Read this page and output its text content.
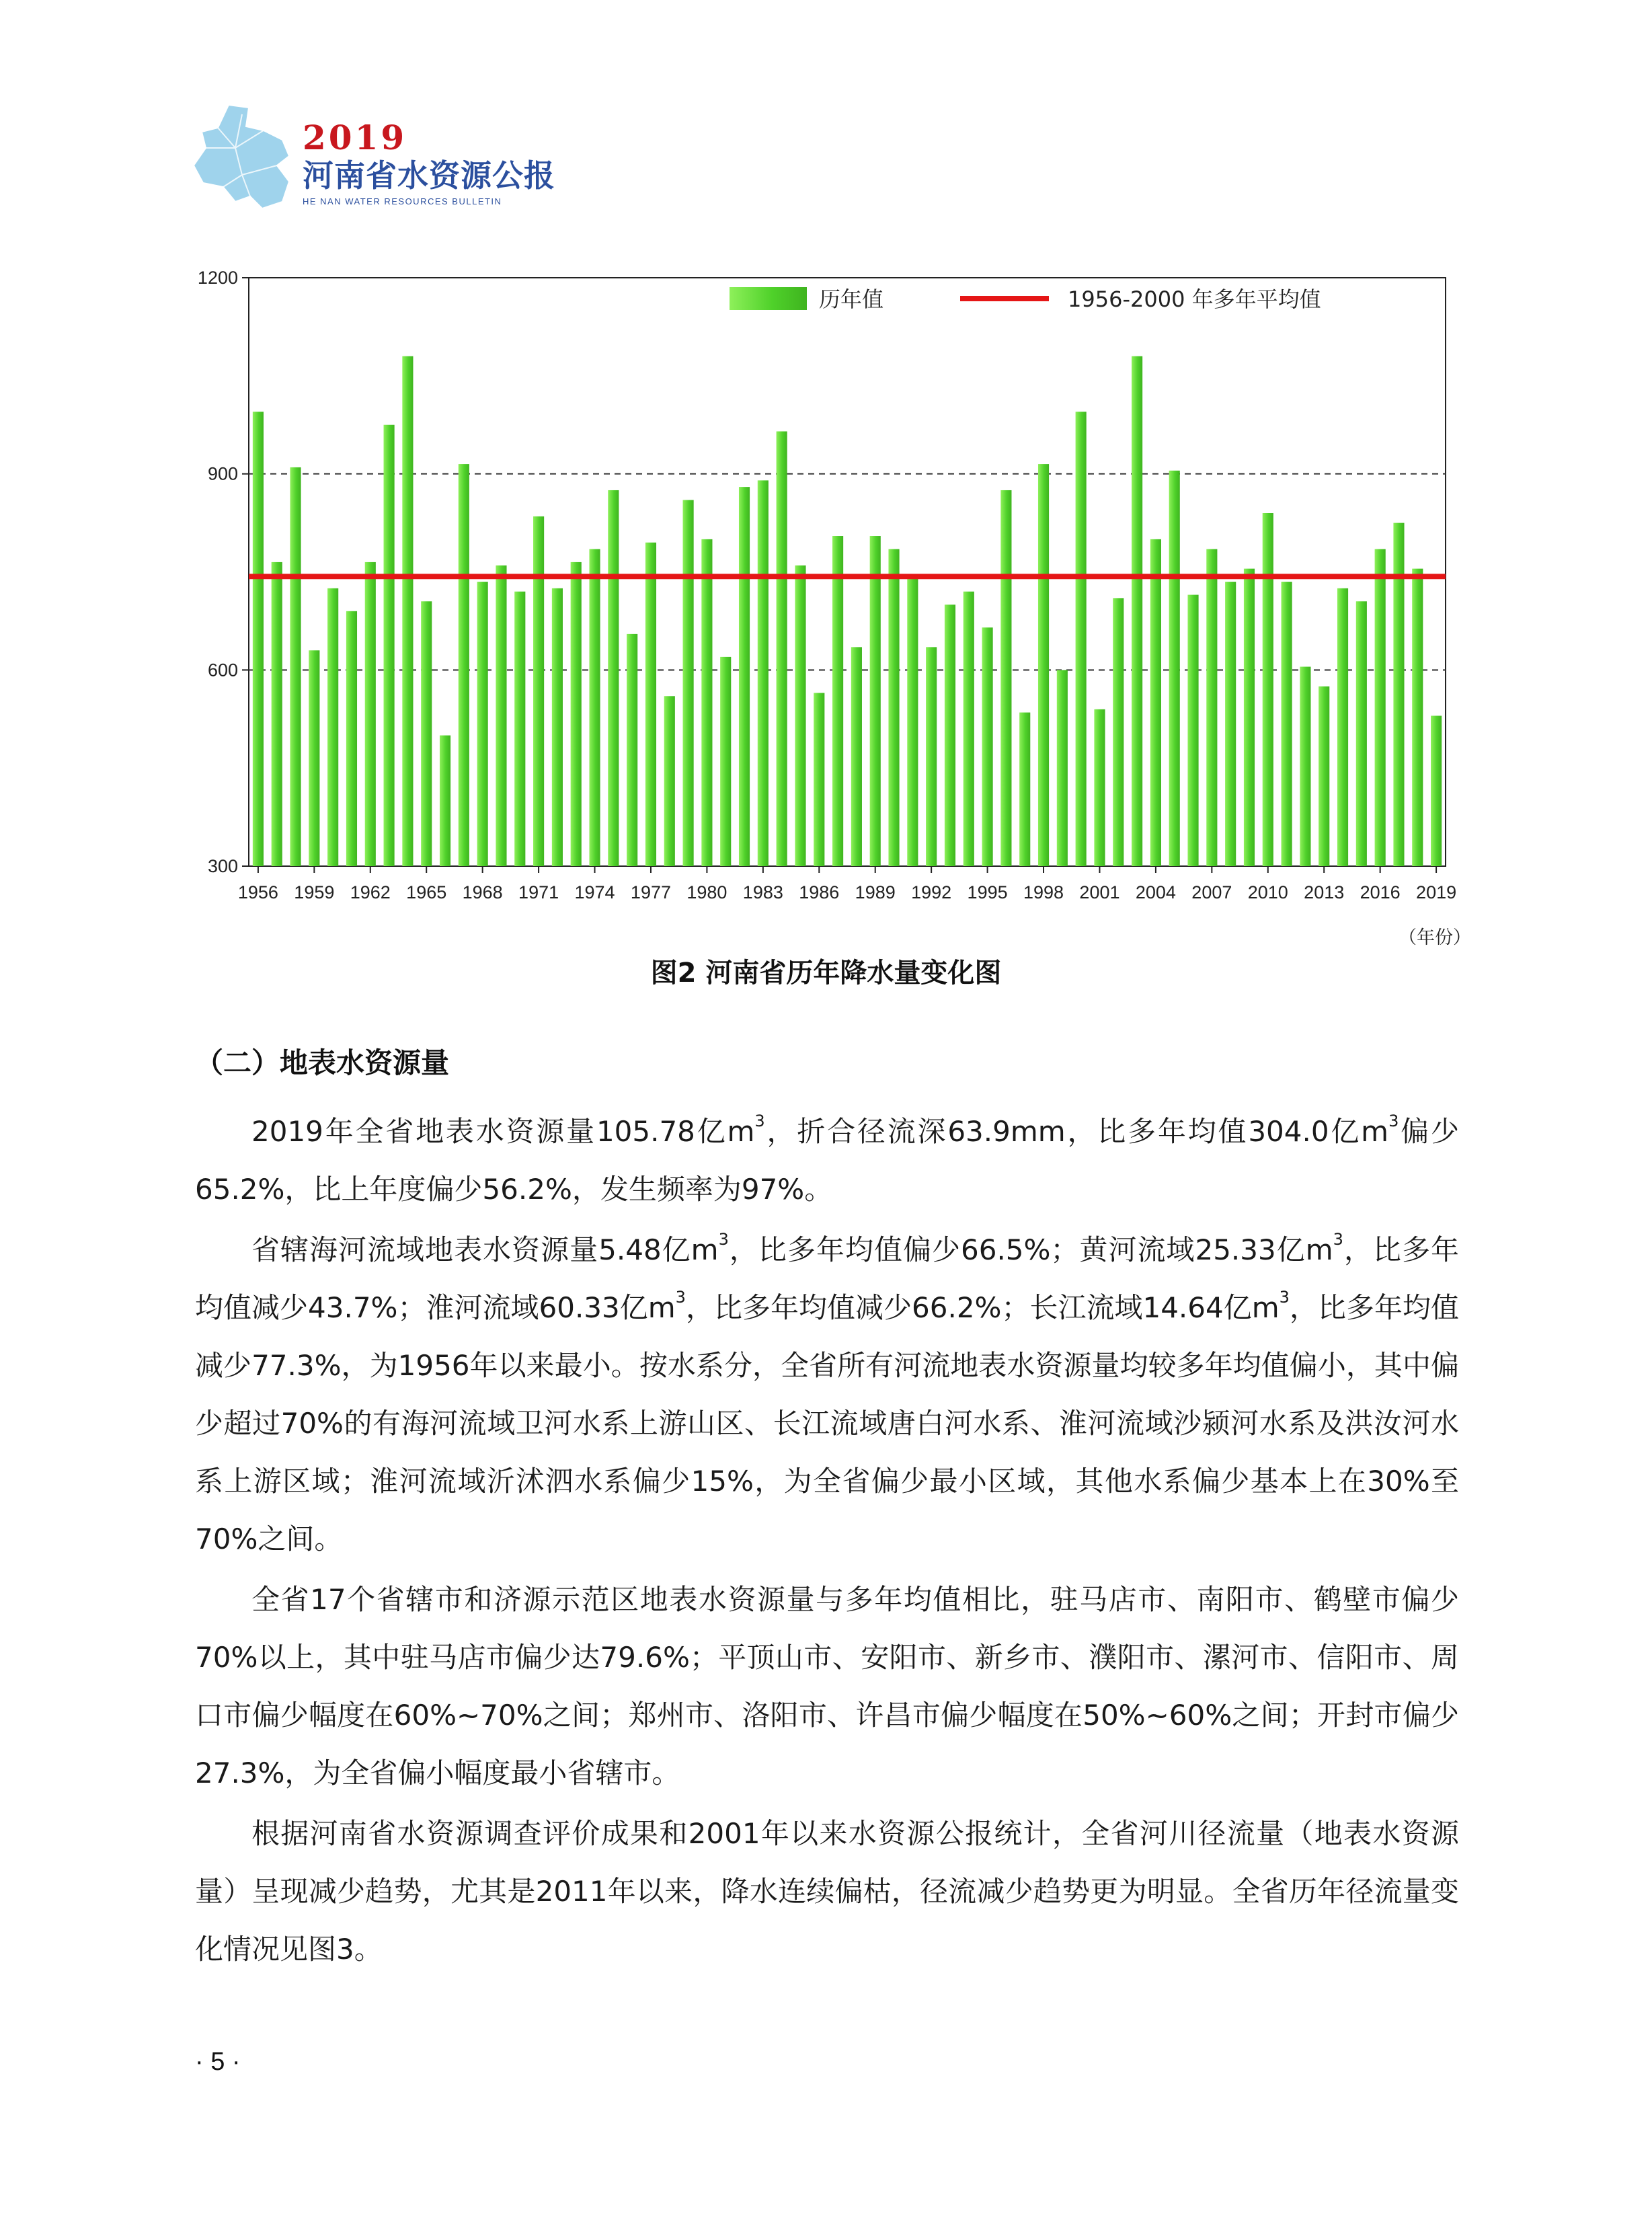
2019

河南省水资源公报

HE NAN WATER RESOURCES BULLETIN

300
600
900
1200
1956 1959 1962 1965 1968 1971 1974 1977 1980 1983 1986 1989 1992 1995 1998 2001 2004 2007 2010 2013 2016 2019
历年值	1956-2000 年多年平均值
（年份）

图2 河南省历年降水量变化图

（二）地表水资源量

2019年全省地表水资源量105.78亿$m^3$，折合径流深63.9mm，比多年均值304.0亿$m^3$偏少65.2%，比上年度偏少56.2%，发生频率为97%。

省辖海河流域地表水资源量5.48亿$m^3$，比多年均值偏少66.5%；黄河流域25.33亿$m^3$，比多年均值减少43.7%；淮河流域60.33亿$m^3$，比多年均值减少66.2%；长江流域14.64亿$m^3$，比多年均值减少77.3%，为1956年以来最小。按水系分，全省所有河流地表水资源量均较多年均值偏小，其中偏少超过70%的有海河流域卫河水系上游山区、长江流域唐白河水系、淮河流域沙颍河水系及洪汝河水系上游区域；淮河流域沂沭泗水系偏少15%，为全省偏少最小区域，其他水系偏少基本上在30%至70%之间。

全省17个省辖市和济源示范区地表水资源量与多年均值相比，驻马店市、南阳市、鹤壁市偏少70%以上，其中驻马店市偏少达79.6%；平顶山市、安阳市、新乡市、濮阳市、漯河市、信阳市、周口市偏少幅度在60%~70%之间；郑州市、洛阳市、许昌市偏少幅度在50%~60%之间；开封市偏少27.3%，为全省偏小幅度最小省辖市。

根据河南省水资源调查评价成果和2001年以来水资源公报统计，全省河川径流量（地表水资源量）呈现减少趋势，尤其是2011年以来，降水连续偏枯，径流减少趋势更为明显。全省历年径流量变化情况见图3。

· 5 ·
